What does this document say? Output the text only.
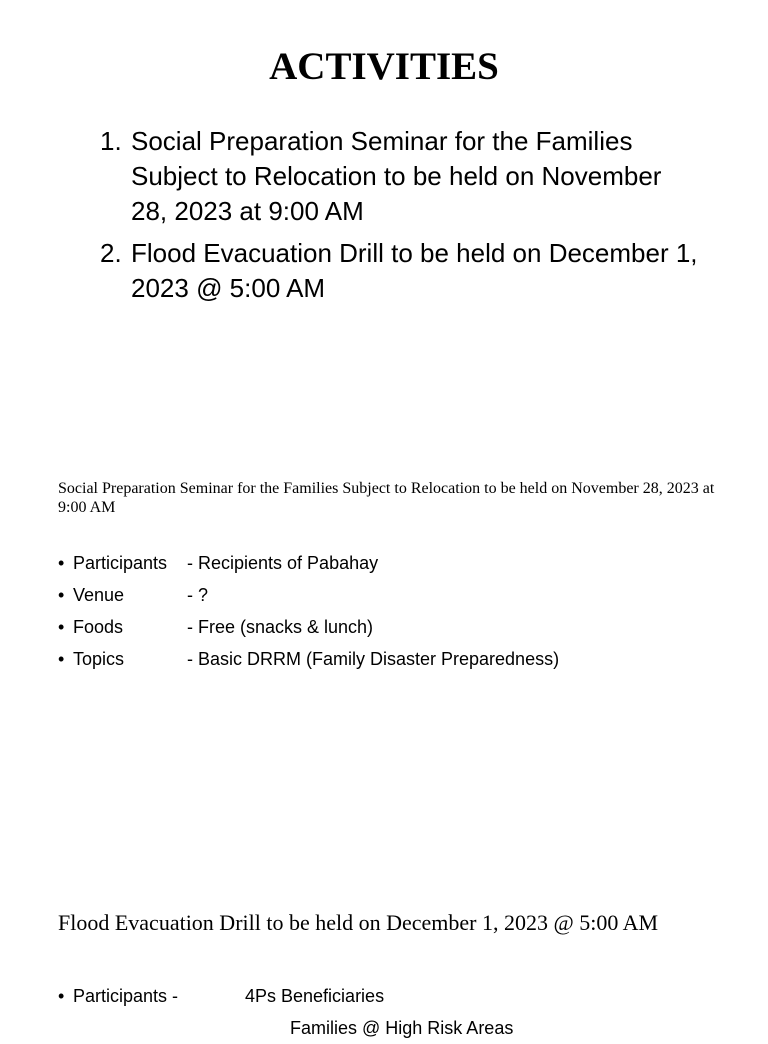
ACTIVITIES
1. Social Preparation Seminar for the Families Subject to Relocation to be held on November 28, 2023 at 9:00 AM
2. Flood Evacuation Drill to be held on December 1, 2023 @ 5:00 AM

Social Preparation Seminar for the Families Subject to Relocation to be held on November 28, 2023 at 9:00 AM

• Participants	- Recipients of Pabahay
• Venue	- ?
• Foods	- Free (snacks & lunch)
• Topics	- Basic DRRM (Family Disaster Preparedness)

Flood Evacuation Drill to be held on December 1, 2023 @ 5:00 AM

• Participants -	4Ps Beneficiaries
Families @ High Risk Areas
